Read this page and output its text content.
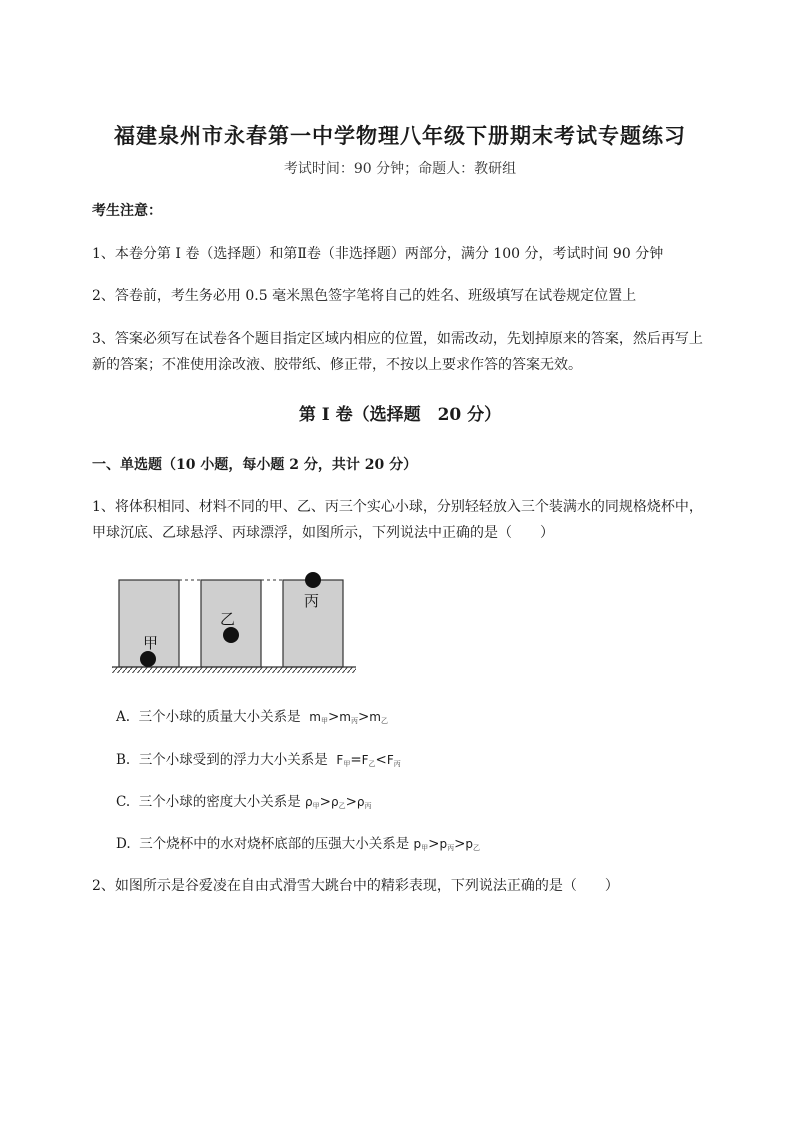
福建泉州市永春第一中学物理八年级下册期末考试专题练习
考试时间：90 分钟；命题人：教研组
考生注意：
1、本卷分第 I 卷（选择题）和第Ⅱ卷（非选择题）两部分，满分 100 分，考试时间 90 分钟
2、答卷前，考生务必用 0.5 毫米黑色签字笔将自己的姓名、班级填写在试卷规定位置上
3、答案必须写在试卷各个题目指定区域内相应的位置，如需改动，先划掉原来的答案，然后再写上新的答案；不准使用涂改液、胶带纸、修正带，不按以上要求作答的答案无效。
第 I 卷（选择题　20 分）
一、单选题（10 小题，每小题 2 分，共计 20 分）
1、将体积相同、材料不同的甲、乙、丙三个实心小球，分别轻轻放入三个装满水的同规格烧杯中，甲球沉底、乙球悬浮、丙球漂浮，如图所示，下列说法中正确的是（　　）
甲
乙
丙
A. 三个小球的质量大小关系是 $m_甲>m_丙>m_乙$
B. 三个小球受到的浮力大小关系是 $F_甲=F_乙<F_丙$
C. 三个小球的密度大小关系是 $\rho_甲>\rho_乙>\rho_丙$
D. 三个烧杯中的水对烧杯底部的压强大小关系是 $p_甲>p_丙>p_乙$
2、如图所示是谷爱凌在自由式滑雪大跳台中的精彩表现，下列说法正确的是（　　）
